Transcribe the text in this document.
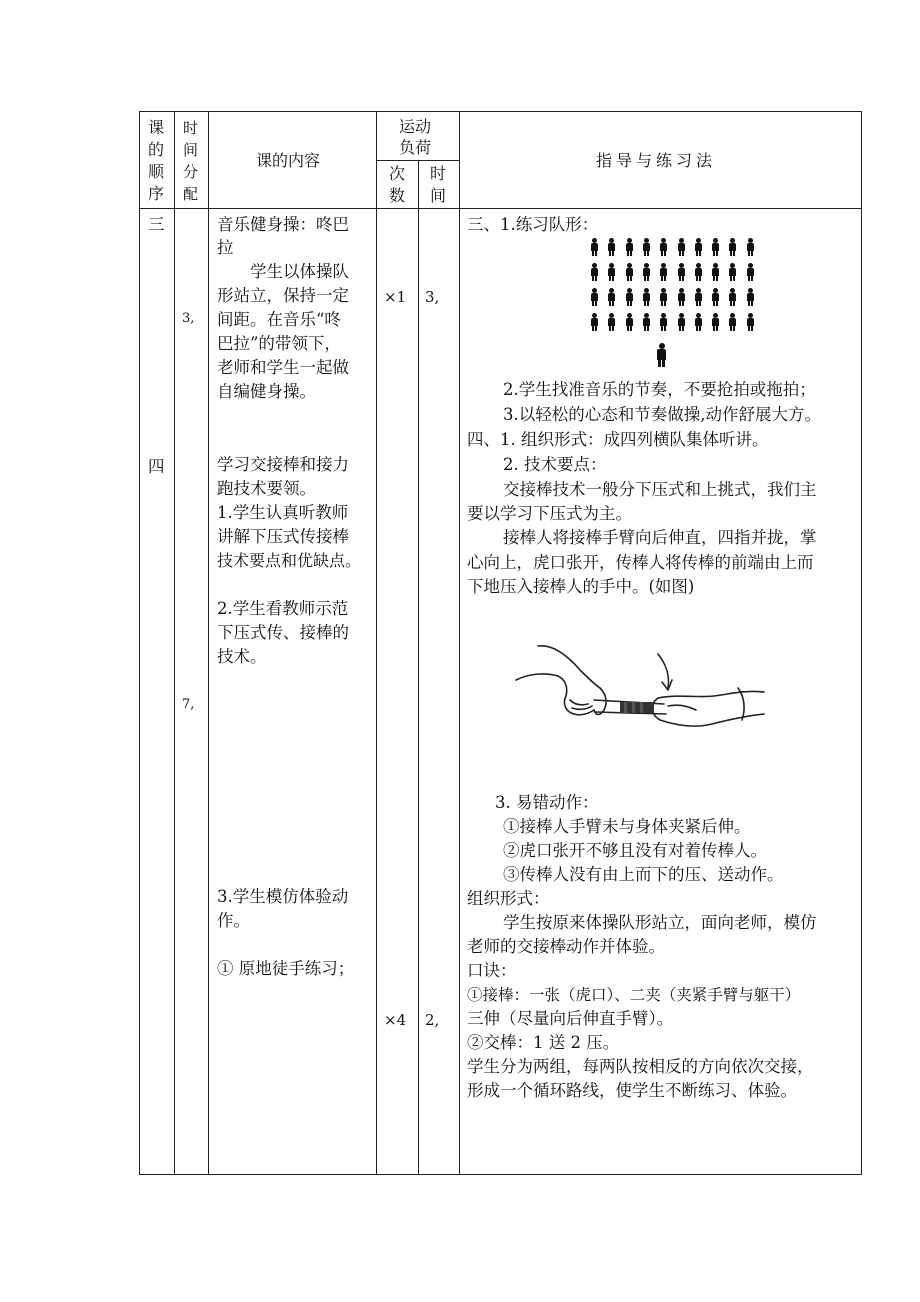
课
的
顺
序
时
间
分
配
课的内容
运动
负荷
次
数
时
间
指导与练习法
三
四
3,
7,
×1 3,
×4 2,
音乐健身操：咚巴
拉
　　学生以体操队
形站立，保持一定
间距。在音乐“咚
巴拉”的带领下，
老师和学生一起做
自编健身操。
学习交接棒和接力
跑技术要领。
1.学生认真听教师
讲解下压式传接棒
技术要点和优缺点。
2.学生看教师示范
下压式传、接棒的
技术。
3.学生模仿体验动
作。
① 原地徒手练习；
三、1.练习队形：
2.学生找准音乐的节奏，不要抢拍或拖拍；
3.以轻松的心态和节奏做操,动作舒展大方。
四、1. 组织形式：成四列横队集体听讲。
2. 技术要点：
交接棒技术一般分下压式和上挑式，我们主
要以学习下压式为主。
接棒人将接棒手臂向后伸直，四指并拢，掌
心向上，虎口张开，传棒人将传棒的前端由上而
下地压入接棒人的手中。(如图)
3. 易错动作：
①接棒人手臂未与身体夹紧后伸。
②虎口张开不够且没有对着传棒人。
③传棒人没有由上而下的压、送动作。
组织形式：
学生按原来体操队形站立，面向老师，模仿
老师的交接棒动作并体验。
口诀：
①接棒：一张（虎口）、二夹（夹紧手臂与躯干）
三伸（尽量向后伸直手臂）。
②交棒：1 送 2 压。
学生分为两组，每两队按相反的方向依次交接，
形成一个循环路线，使学生不断练习、体验。
